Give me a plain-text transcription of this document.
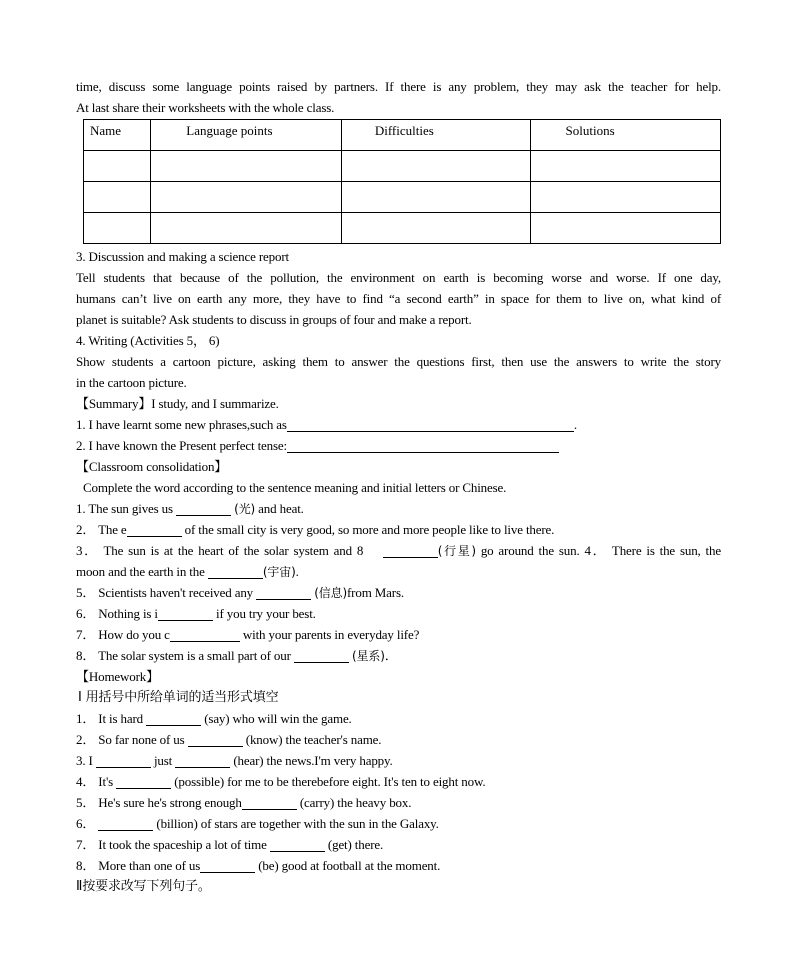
time, discuss some language points raised by partners. If there is any problem, they may ask the teacher for help.
At last share their worksheets with the whole class.
Name	Language points	Difficulties	Solutions

3. Discussion and making a science report
Tell students that because of the pollution, the environment on earth is becoming worse and worse. If one day,
humans can’t live on earth any more, they have to find “a second earth” in space for them to live on, what kind of
planet is suitable? Ask students to discuss in groups of four and make a report.
4. Writing (Activities 5， 6)
Show students a cartoon picture, asking them to answer the questions first, then use the answers to write the story
in the cartoon picture.
【Summary】I study, and I summarize.
1. I have learnt some new phrases,such as	.
2. I have known the Present perfect tense:
【Classroom consolidation】
Complete the word according to the sentence meaning and initial letters or Chinese.
1. The sun gives us	(光) and heat.
2． The e	of the small city is very good, so more and more people like to live there.
3． The sun is at the heart of the solar system and 8	(行星) go around the sun. 4． There is the sun, the
moon and the earth in the	(宇宙).
5． Scientists haven't received any	(信息)from Mars.
6． Nothing is i	if you try your best.
7． How do you c	with your parents in everyday life?
8． The solar system is a small part of our	(星系)．
【Homework】
Ⅰ 用括号中所给单词的适当形式填空
1． It is hard	(say) who will win the game.
2． So far none of us	(know) the teacher's name.
3. I	just	(hear) the news.I'm very happy.
4． It's	(possible) for me to be therebefore eight. It's ten to eight now.
5． He's sure he's strong enough	(carry) the heavy box.
6．	(billion) of stars are together with the sun in the Galaxy.
7． It took the spaceship a lot of time	(get) there.
8． More than one of us	(be) good at football at the moment.
Ⅱ按要求改写下列句子。
